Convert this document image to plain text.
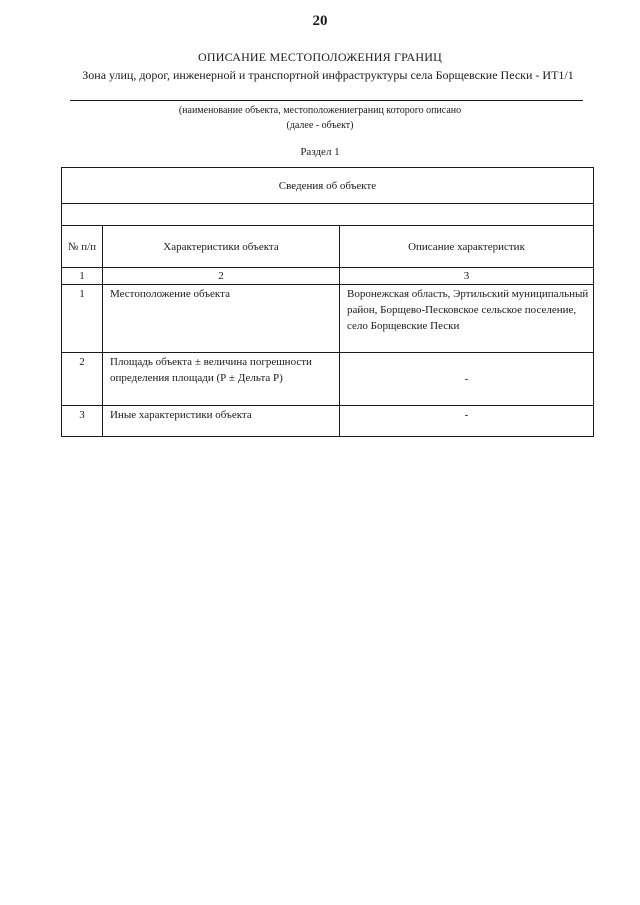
20
ОПИСАНИЕ МЕСТОПОЛОЖЕНИЯ ГРАНИЦ
Зона улиц, дорог, инженерной и транспортной инфраструктуры села Борщевские Пески - ИТ1/1
(наименование объекта, местоположениеграниц которого описано
(далее - объект)
Раздел 1
Сведения об объекте		

№ п/п	Характеристики объекта	Описание характеристик
1	2	3
1	Местоположение объекта	Воронежская область, Эртильский муниципальный район, Борщево-Песковское сельское поселение, село Борщевские Пески
2	Площадь объекта ± величина погрешности определения площади (Р ± Дельта Р)	-
3	Иные характеристики объекта	-
